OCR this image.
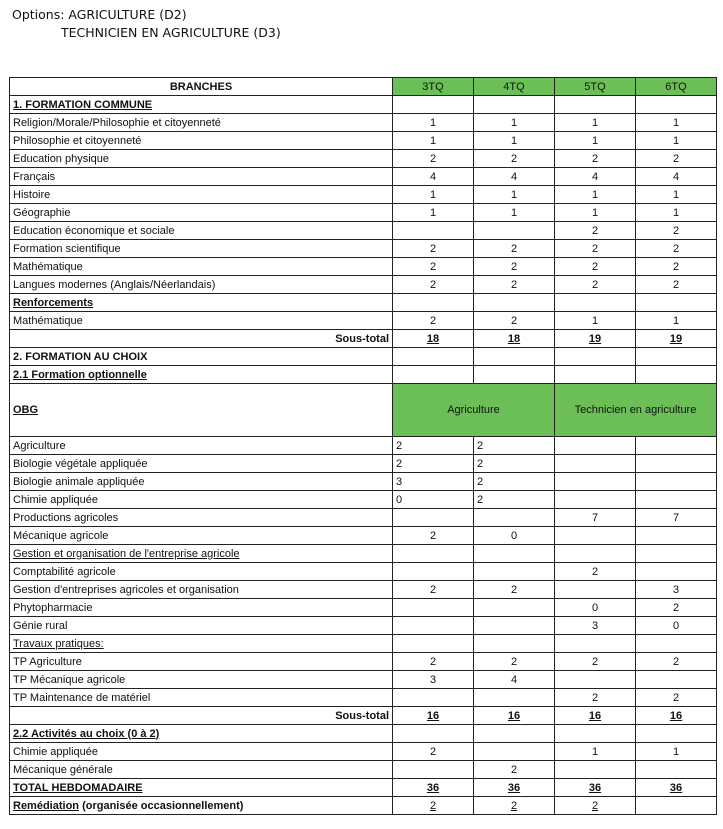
Options: AGRICULTURE (D2)
TECHNICIEN EN AGRICULTURE (D3)
BRANCHES	3TQ	4TQ	5TQ	6TQ
1. FORMATION COMMUNE				
Religion/Morale/Philosophie et citoyenneté	1	1	1	1
Philosophie et citoyenneté	1	1	1	1
Education physique	2	2	2	2
Français	4	4	4	4
Histoire	1	1	1	1
Géographie	1	1	1	1
Education économique et sociale			2	2
Formation scientifique	2	2	2	2
Mathématique	2	2	2	2
Langues modernes (Anglais/Néerlandais)	2	2	2	2
Renforcements				
Mathématique	2	2	1	1
Sous-total	18	18	19	19
2. FORMATION AU CHOIX				
2.1 Formation optionnelle				
OBG	Agriculture		Technicien en agriculture	
Agriculture	2	2		
Biologie végétale appliquée	2	2		
Biologie animale appliquée	3	2		
Chimie appliquée	0	2		
Productions agricoles			7	7
Mécanique agricole	2	0		
Gestion et organisation de l'entreprise agricole				
Comptabilité agricole			2	
Gestion d'entreprises agricoles et organisation	2	2		3
Phytopharmacie			0	2
Génie rural			3	0
Travaux pratiques:				
TP Agriculture	2	2	2	2
TP Mécanique agricole	3	4		
TP Maintenance de matériel			2	2
Sous-total	16	16	16	16
2.2 Activités au choix (0 à 2)				
Chimie appliquée	2		1	1
Mécanique générale		2		
TOTAL HEBDOMADAIRE	36	36	36	36
Remédiation (organisée occasionnellement)	2	2	2	
